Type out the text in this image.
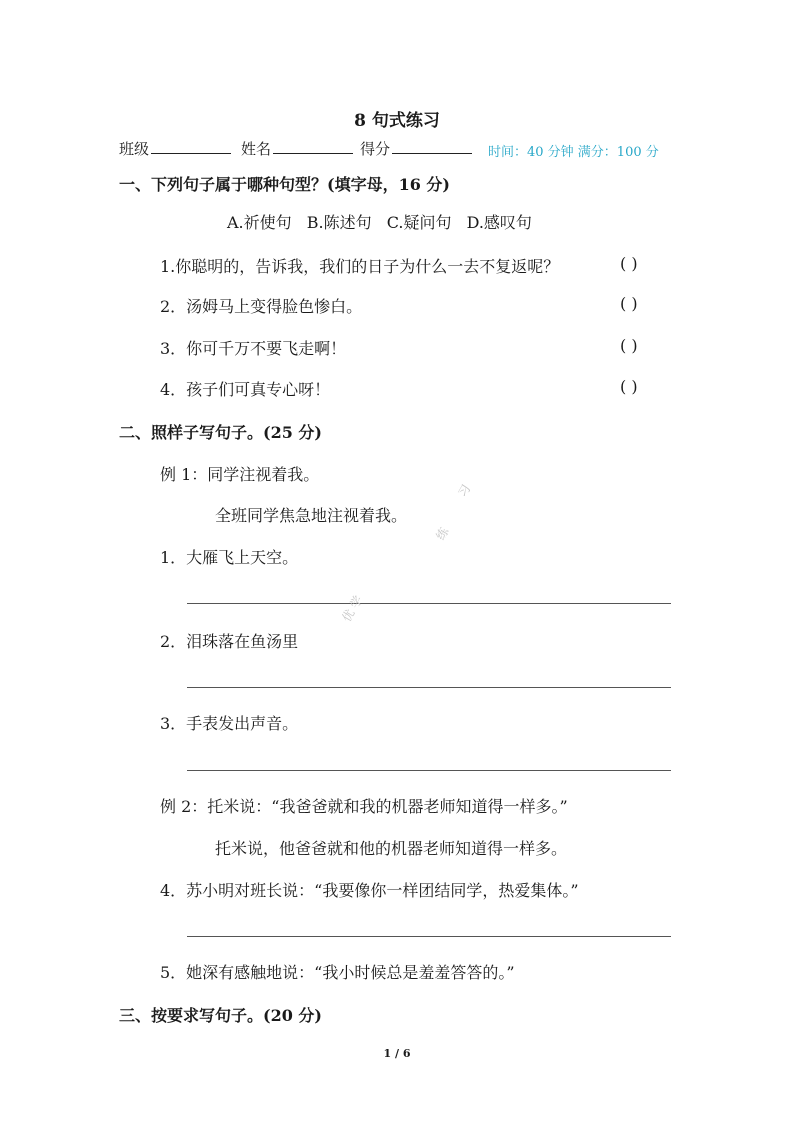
8 句式练习
班级	姓名	得分	时间：40 分钟 满分：100 分
一、下列句子属于哪种句型？(填字母，16 分)
A.祈使句 B.陈述句 C.疑问句 D.感叹句
1.你聪明的，告诉我，我们的日子为什么一去不复返呢？	( )
2．汤姆马上变得脸色惨白。	( )
3．你可千万不要飞走啊！	( )
4．孩子们可真专心呀！	( )
二、照样子写句子。(25 分)
例 1：同学注视着我。
全班同学焦急地注视着我。
1．大雁飞上天空。
2．泪珠落在鱼汤里
3．手表发出声音。
例 2：托米说：“我爸爸就和我的机器老师知道得一样多。”
托米说，他爸爸就和他的机器老师知道得一样多。
4．苏小明对班长说：“我要像你一样团结同学，热爱集体。”
5．她深有感触地说：“我小时候总是羞羞答答的。”
三、按要求写句子。(20 分)
习
练
优 学
1 / 6
